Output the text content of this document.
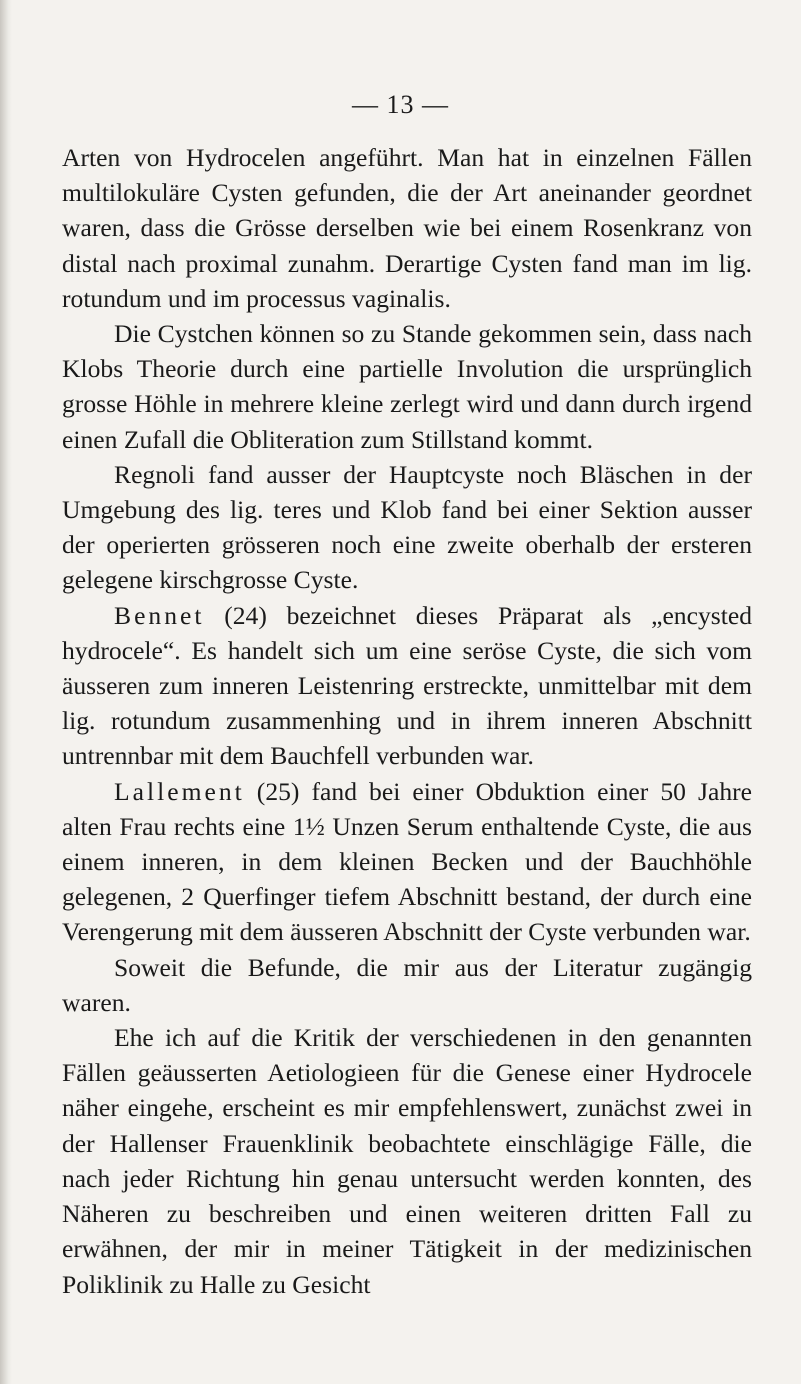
— 13 —

Arten von Hydrocelen angeführt. Man hat in einzelnen Fällen multilokuläre Cysten gefunden, die der Art aneinander geordnet waren, dass die Grösse derselben wie bei einem Rosenkranz von distal nach proximal zunahm. Derartige Cysten fand man im lig. rotundum und im processus vaginalis.

Die Cystchen können so zu Stande gekommen sein, dass nach Klobs Theorie durch eine partielle Involution die ursprünglich grosse Höhle in mehrere kleine zerlegt wird und dann durch irgend einen Zufall die Obliteration zum Stillstand kommt.

Regnoli fand ausser der Hauptcyste noch Bläschen in der Umgebung des lig. teres und Klob fand bei einer Sektion ausser der operierten grösseren noch eine zweite oberhalb der ersteren gelegene kirschgrosse Cyste.

Bennet (24) bezeichnet dieses Präparat als „encysted hydrocele“. Es handelt sich um eine seröse Cyste, die sich vom äusseren zum inneren Leistenring erstreckte, unmittelbar mit dem lig. rotundum zusammenhing und in ihrem inneren Abschnitt untrennbar mit dem Bauchfell verbunden war.

Lallement (25) fand bei einer Obduktion einer 50 Jahre alten Frau rechts eine 1½ Unzen Serum enthaltende Cyste, die aus einem inneren, in dem kleinen Becken und der Bauchhöhle gelegenen, 2 Querfinger tiefem Abschnitt bestand, der durch eine Verengerung mit dem äusseren Abschnitt der Cyste verbunden war.

Soweit die Befunde, die mir aus der Literatur zugängig waren.

Ehe ich auf die Kritik der verschiedenen in den genannten Fällen geäusserten Aetiologieen für die Genese einer Hydrocele näher eingehe, erscheint es mir empfehlenswert, zunächst zwei in der Hallenser Frauenklinik beobachtete einschlägige Fälle, die nach jeder Richtung hin genau untersucht werden konnten, des Näheren zu beschreiben und einen weiteren dritten Fall zu erwähnen, der mir in meiner Tätigkeit in der medizinischen Poliklinik zu Halle zu Gesicht
